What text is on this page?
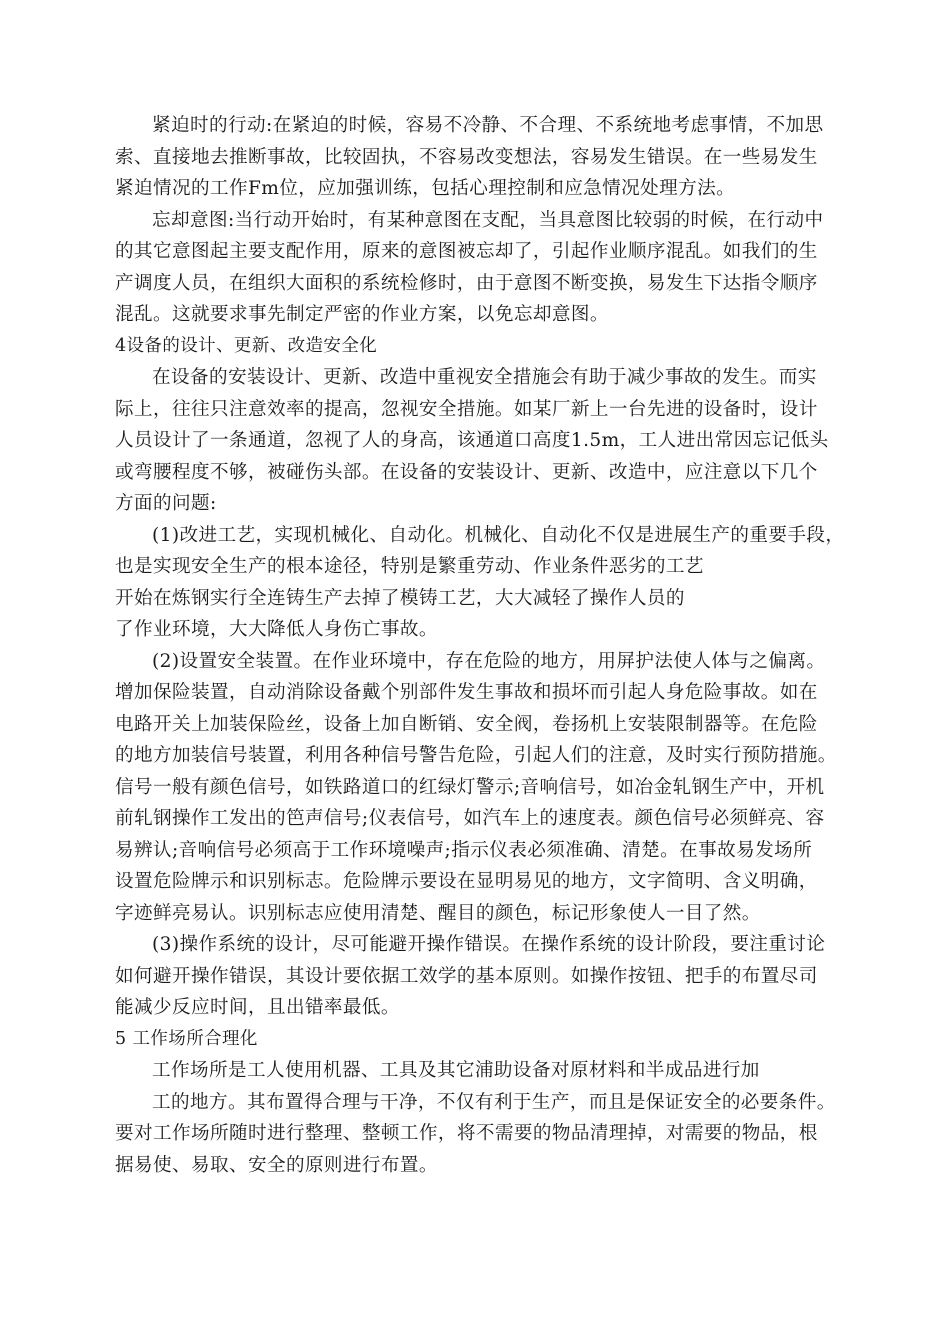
紧迫时的行动:在紧迫的时候，容易不冷静、不合理、不系统地考虑事情，不加思
索、直接地去推断事故，比较固执，不容易改变想法，容易发生错误。在一些易发生
紧迫情况的工作Fm位，应加强训练，包括心理控制和应急情况处理方法。
忘却意图:当行动开始时，有某种意图在支配，当具意图比较弱的时候，在行动中
的其它意图起主要支配作用，原来的意图被忘却了，引起作业顺序混乱。如我们的生
产调度人员，在组织大面积的系统检修时，由于意图不断变换，易发生下达指令顺序
混乱。这就要求事先制定严密的作业方案，以免忘却意图。
4设备的设计、更新、改造安全化
在设备的安装设计、更新、改造中重视安全措施会有助于减少事故的发生。而实
际上，往往只注意效率的提高，忽视安全措施。如某厂新上一台先进的设备时，设计
人员设计了一条通道，忽视了人的身高，该通道口高度1.5m，工人进出常因忘记低头
或弯腰程度不够，被碰伤头部。在设备的安装设计、更新、改造中，应注意以下几个
方面的问题:
(1)改进工艺，实现机械化、自动化。机械化、自动化不仅是进展生产的重要手段，
也是实现安全生产的根本途径，特别是繁重劳动、作业条件恶劣的工艺
开始在炼钢实行全连铸生产去掉了模铸工艺，大大减轻了操作人员的
了作业环境，大大降低人身伤亡事故。
(2)设置安全装置。在作业环境中，存在危险的地方，用屏护法使人体与之偏离。
增加保险装置，自动消除设备戴个别部件发生事故和损坏而引起人身危险事故。如在
电路开关上加装保险丝，设备上加自断销、安全阀，卷扬机上安装限制器等。在危险
的地方加装信号装置，利用各种信号警告危险，引起人们的注意，及时实行预防措施。
信号一般有颜色信号，如铁路道口的红绿灯警示;音响信号，如冶金轧钢生产中，开机
前轧钢操作工发出的笆声信号;仪表信号，如汽车上的速度表。颜色信号必须鲜亮、容
易辨认;音响信号必须高于工作环境噪声;指示仪表必须准确、清楚。在事故易发场所
设置危险牌示和识别标志。危险牌示要设在显明易见的地方，文字简明、含义明确，
字迹鲜亮易认。识别标志应使用清楚、醒目的颜色，标记形象使人一目了然。
(3)操作系统的设计，尽可能避开操作错误。在操作系统的设计阶段，要注重讨论
如何避开操作错误，其设计要依据工效学的基本原则。如操作按钮、把手的布置尽司
能减少反应时间，且出错率最低。
5 工作场所合理化
工作场所是工人使用机器、工具及其它浦助设备对原材料和半成品进行加
工的地方。其布置得合理与干净，不仅有利于生产，而且是保证安全的必要条件。
要对工作场所随时进行整理、整顿工作，将不需要的物品清理掉，对需要的物品，根
据易使、易取、安全的原则进行布置。
